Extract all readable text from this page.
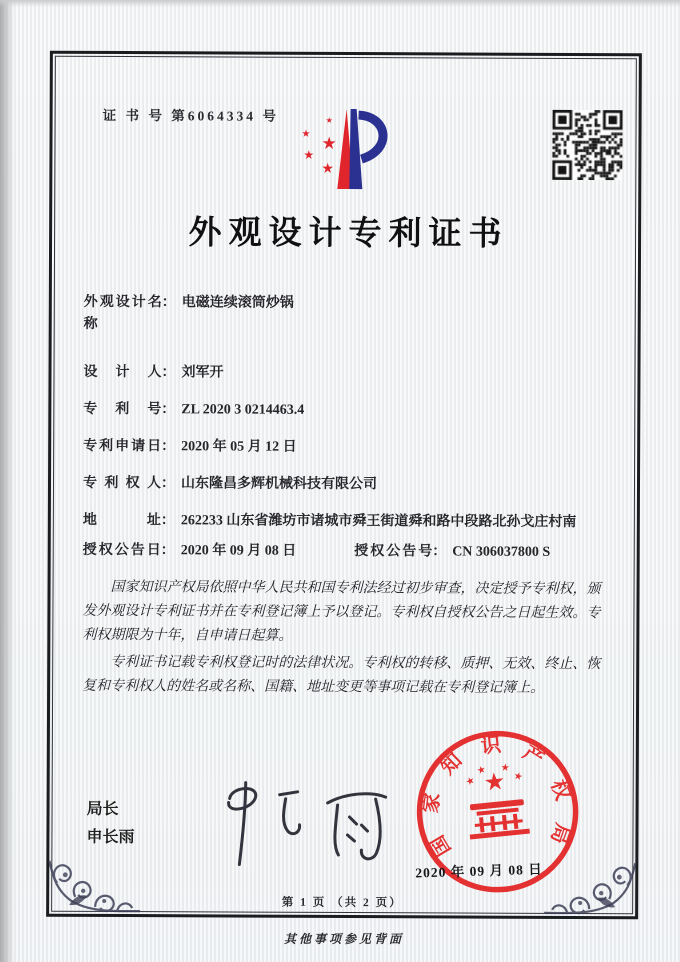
证 书 号 第6064334 号
★
★
★
★
★
外观设计专利证书
外观设计名称
： 电磁连续滚筒炒锅
设计人 ： 刘军开
专利号 ： ZL 2020 3 0214463.4
专利申请日 ： 2020 年 05 月 12 日
专利权人 ： 山东隆昌多辉机械科技有限公司
地址 ： 262233 山东省潍坊市诸城市舜王街道舜和路中段路北孙戈庄村南
授权公告日 ： 2020 年 09 月 08 日	授权公告号 ： CN 306037800 S

国家知识产权局依照中华人民共和国专利法经过初步审查，决定授予专利权，颁发外观设计专利证书并在专利登记簿上予以登记。专利权自授权公告之日起生效。专利权期限为十年，自申请日起算。

专利证书记载专利权登记时的法律状况。专利权的转移、质押、无效、终止、恢复和专利权人的姓名或名称、国籍、地址变更等事项记载在专利登记簿上。

局长
申长雨	国
家
知
识 产
权
局
★
★
★ ★
★
2020 年 09 月 08 日
第 1 页 （共 2 页）
其他事项参见背面
